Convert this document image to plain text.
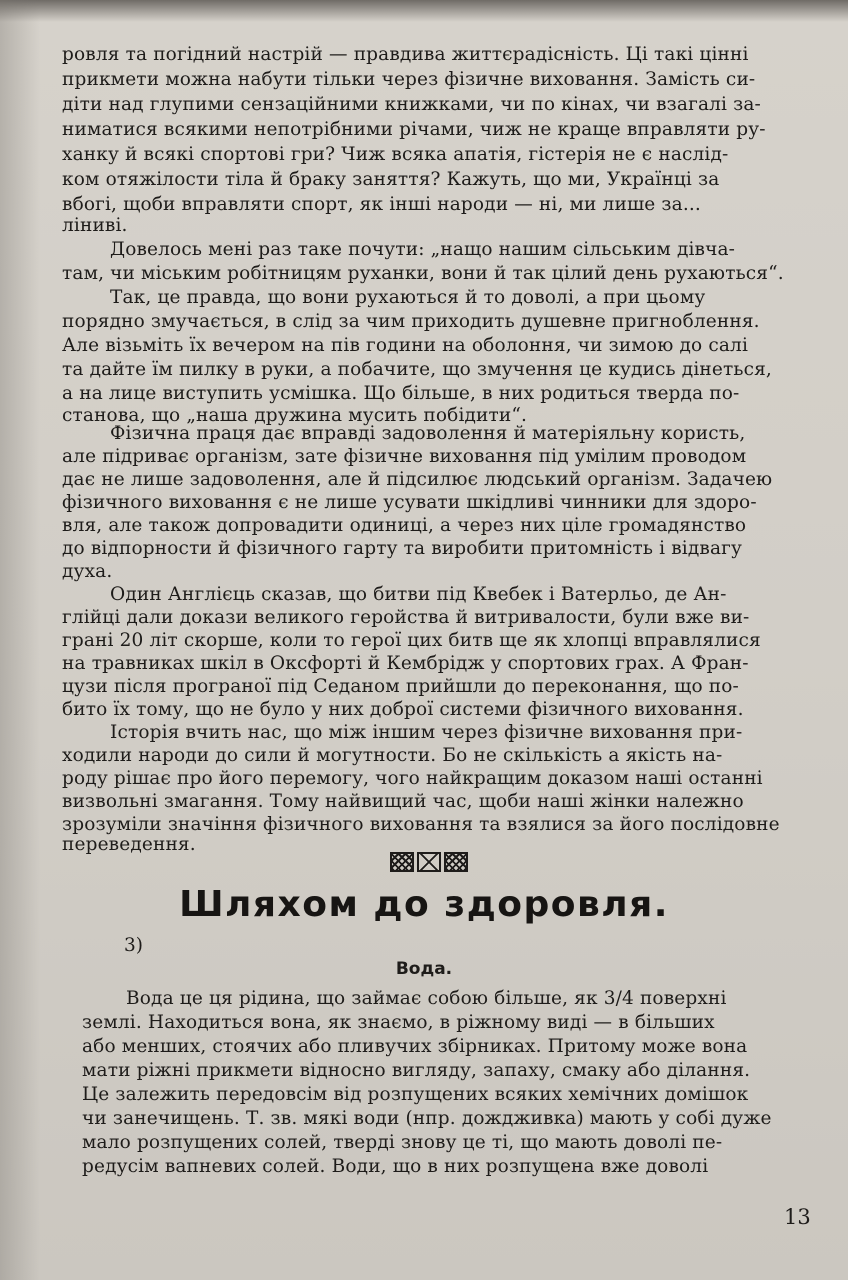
ровля та погідний настрій — правдива життєрадісність. Ці такі цінні
прикмети можна набути тільки через фізичне виховання. Замість си-
діти над глупими сензаційними книжками, чи по кінах, чи взагалі за-
ниматися всякими непотрібними річами, чиж не краще вправляти ру-
ханку й всякі спортові гри? Чиж всяка апатія, гістерія не є наслід-
ком отяжілости тіла й браку заняття? Кажуть, що ми, Українці за
вбогі, щоби вправляти спорт, як інші народи — ні, ми лише за...
ліниві.
Довелось мені раз таке почути: „нащо нашим сільським дівча-
там, чи міським робітницям руханки, вони й так цілий день рухаються“.
Так, це правда, що вони рухаються й то доволі, а при цьому
порядно змучається, в слід за чим приходить душевне пригноблення.
Але візьміть їх вечером на пів години на оболоння, чи зимою до салі
та дайте їм пилку в руки, а побачите, що змучення це кудись дінеться,
а на лице виступить усмішка. Що більше, в них родиться тверда по-
станова, що „наша дружина мусить побідити“.
Фізична праця дає вправді задоволення й матеріяльну користь,
але підриває організм, зате фізичне виховання під умілим проводом
дає не лише задоволення, але й підсилює людський організм. Задачею
фізичного виховання є не лише усувати шкідливі чинники для здоро-
вля, але також допровадити одиниці, а через них ціле громадянство
до відпорности й фізичного гарту та виробити притомність і відвагу
духа.
Один Англієць сказав, що битви під Квебек і Ватерльо, де Ан-
глійці дали докази великого геройства й витривалости, були вже ви-
грані 20 літ скорше, коли то герої цих битв ще як хлопці вправлялися
на травниках шкіл в Оксфорті й Кембрідж у спортових грах. А Фран-
цузи після програної під Седаном прийшли до переконання, що по-
бито їх тому, що не було у них доброї системи фізичного виховання.
Історія вчить нас, що між іншим через фізичне виховання при-
ходили народи до сили й могутности. Бо не скількість а якість на-
роду рішає про його перемогу, чого найкращим доказом наші останні
визвольні змагання. Тому найвищий час, щоби наші жінки належно
зрозуміли значіння фізичного виховання та взялися за його послідовне
переведення.
Шляхом до здоровля.
3)
Вода.
Вода це ця рідина, що займає собою більше, як 3/4 поверхні
землі. Находиться вона, як знаємо, в ріжному виді — в більших
або менших, стоячих або пливучих збірниках. Притому може вона
мати ріжні прикмети відносно вигляду, запаху, смаку або ділання.
Це залежить передовсім від розпущених всяких хемічних домішок
чи занечищень. Т. зв. мякі води (нпр. дождживка) мають у собі дуже
мало розпущених солей, тверді знову це ті, що мають доволі пе-
редусім вапневих солей. Води, що в них розпущена вже доволі
13
